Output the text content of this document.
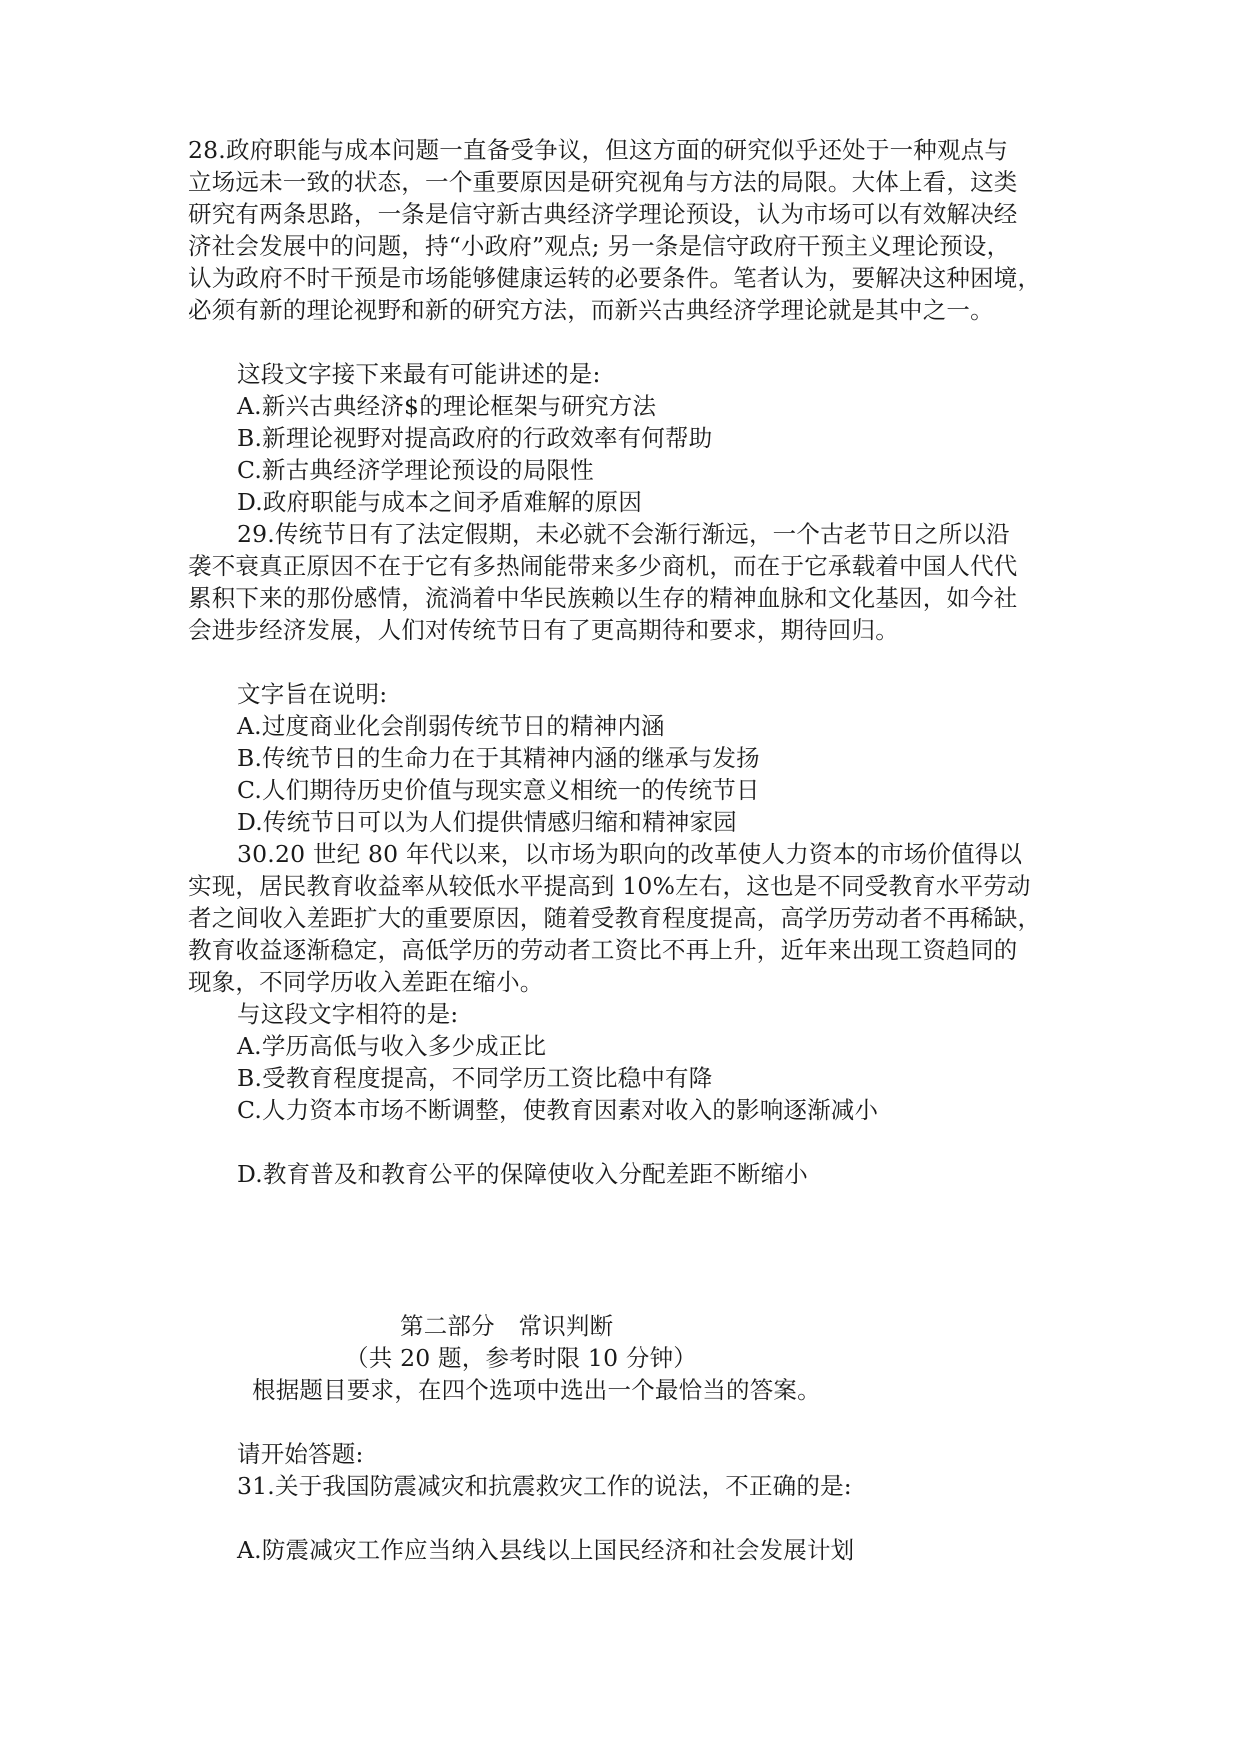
28.政府职能与成本问题一直备受争议，但这方面的研究似乎还处于一种观点与
立场远未一致的状态，一个重要原因是研究视角与方法的局限。大体上看，这类
研究有两条思路，一条是信守新古典经济学理论预设，认为市场可以有效解决经
济社会发展中的问题，持“小政府”观点; 另一条是信守政府干预主义理论预设，
认为政府不时干预是市场能够健康运转的必要条件。笔者认为，要解决这种困境，
必须有新的理论视野和新的研究方法，而新兴古典经济学理论就是其中之一。
这段文字接下来最有可能讲述的是:
A.新兴古典经济$的理论框架与研究方法
B.新理论视野对提高政府的行政效率有何帮助
C.新古典经济学理论预设的局限性
D.政府职能与成本之间矛盾难解的原因
29.传统节日有了法定假期，未必就不会渐行渐远，一个古老节日之所以沿
袭不衰真正原因不在于它有多热闹能带来多少商机，而在于它承载着中国人代代
累积下来的那份感情，流淌着中华民族赖以生存的精神血脉和文化基因，如今社
会进步经济发展，人们对传统节日有了更高期待和要求，期待回归。
文字旨在说明:
A.过度商业化会削弱传统节日的精神内涵
B.传统节日的生命力在于其精神内涵的继承与发扬
C.人们期待历史价值与现实意义相统一的传统节日
D.传统节日可以为人们提供情感归缩和精神家园
30.20 世纪 80 年代以来，以市场为职向的改革使人力资本的市场价值得以
实现，居民教育收益率从较低水平提高到 10%左右，这也是不同受教育水平劳动
者之间收入差距扩大的重要原因，随着受教育程度提高，高学历劳动者不再稀缺，
教育收益逐渐稳定，高低学历的劳动者工资比不再上升，近年来出现工资趋同的
现象，不同学历收入差距在缩小。
与这段文字相符的是:
A.学历高低与收入多少成正比
B.受教育程度提高，不同学历工资比稳中有降
C.人力资本市场不断调整，使教育因素对收入的影响逐渐减小
D.教育普及和教育公平的保障使收入分配差距不断缩小
第二部分　常识判断
（共 20 题，参考时限 10 分钟）
根据题目要求，在四个选项中选出一个最恰当的答案。
请开始答题:
31.关于我国防震减灾和抗震救灾工作的说法，不正确的是:
A.防震减灾工作应当纳入县线以上国民经济和社会发展计划
